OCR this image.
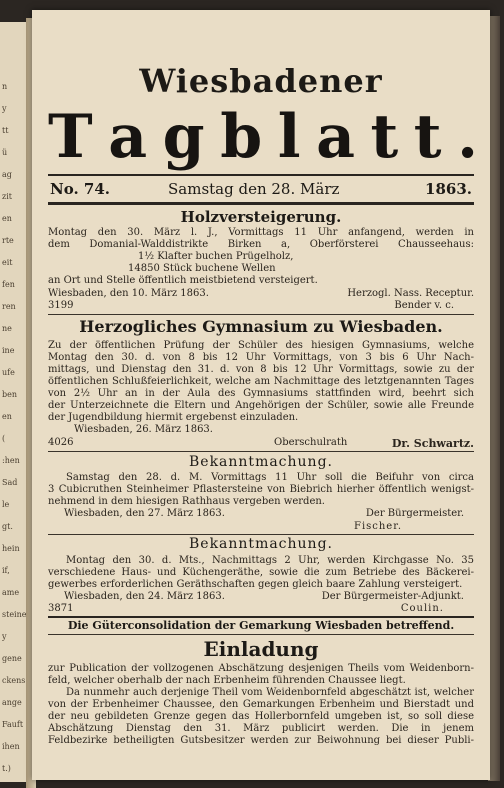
n
y
tt
ü
ag
zit
en
rte
eit
fen
ren
ne
ine
ufe
ben
en
(
:hen
Sad
le
gt.
hein
if,
ame
steine
y
gene
ckens
ange
Fauft
ihen
t.)
Wiesbadener
T a g b l a t t .
No. 74.	Samstag den 28. März	1863.
Holzversteigerung.
Montag den 30. März l. J., Vormittags 11 Uhr anfangend, werden in
dem Domanial-Walddistrikte Birken a, Oberförsterei Chausseehaus:
1½ Klafter buchen Prügelholz,
14850 Stück buchene Wellen
an Ort und Stelle öffentlich meistbietend versteigert.
Wiesbaden, den 10. März 1863.	Herzogl. Nass. Receptur.
3199	Bender v. c.
Herzogliches Gymnasium zu Wiesbaden.
Zu der öffentlichen Prüfung der Schüler des hiesigen Gymnasiums, welche
Montag den 30. d. von 8 bis 12 Uhr Vormittags, von 3 bis 6 Uhr Nach-
mittags, und Dienstag den 31. d. von 8 bis 12 Uhr Vormittags, sowie zu der
öffentlichen Schlußfeierlichkeit, welche am Nachmittage des letztgenannten Tages
von 2½ Uhr an in der Aula des Gymnasiums stattfinden wird, beehrt sich
der Unterzeichnete die Eltern und Angehörigen der Schüler, sowie alle Freunde
der Jugendbildung hiermit ergebenst einzuladen.
Wiesbaden, 26. März 1863.
4026	Oberschulrath	Dr. Schwartz.
Bekanntmachung.
Samstag den 28. d. M. Vormittags 11 Uhr soll die Beifuhr von circa
3 Cubicruthen Steinheimer Pflastersteine von Biebrich hierher öffentlich wenigst-
nehmend in dem hiesigen Rathhaus vergeben werden.
Wiesbaden, den 27. März 1863.	Der Bürgermeister.
Fischer.
Bekanntmachung.
Montag den 30. d. Mts., Nachmittags 2 Uhr, werden Kirchgasse No. 35
verschiedene Haus- und Küchengeräthe, sowie die zum Betriebe des Bäckerei-
gewerbes erforderlichen Geräthschaften gegen gleich baare Zahlung versteigert.
Wiesbaden, den 24. März 1863.	Der Bürgermeister-Adjunkt.
3871	Coulin.
Die Güterconsolidation der Gemarkung Wiesbaden betreffend.
Einladung
zur Publication der vollzogenen Abschätzung desjenigen Theils vom Weidenborn-
feld, welcher oberhalb der nach Erbenheim führenden Chaussee liegt.
Da nunmehr auch derjenige Theil vom Weidenbornfeld abgeschätzt ist, welcher
von der Erbenheimer Chaussee, den Gemarkungen Erbenheim und Bierstadt und
der neu gebildeten Grenze gegen das Hollerbornfeld umgeben ist, so soll diese
Abschätzung Dienstag den 31. März publicirt werden. Die in jenem
Feldbezirke betheiligten Gutsbesitzer werden zur Beiwohnung bei dieser Publi-
